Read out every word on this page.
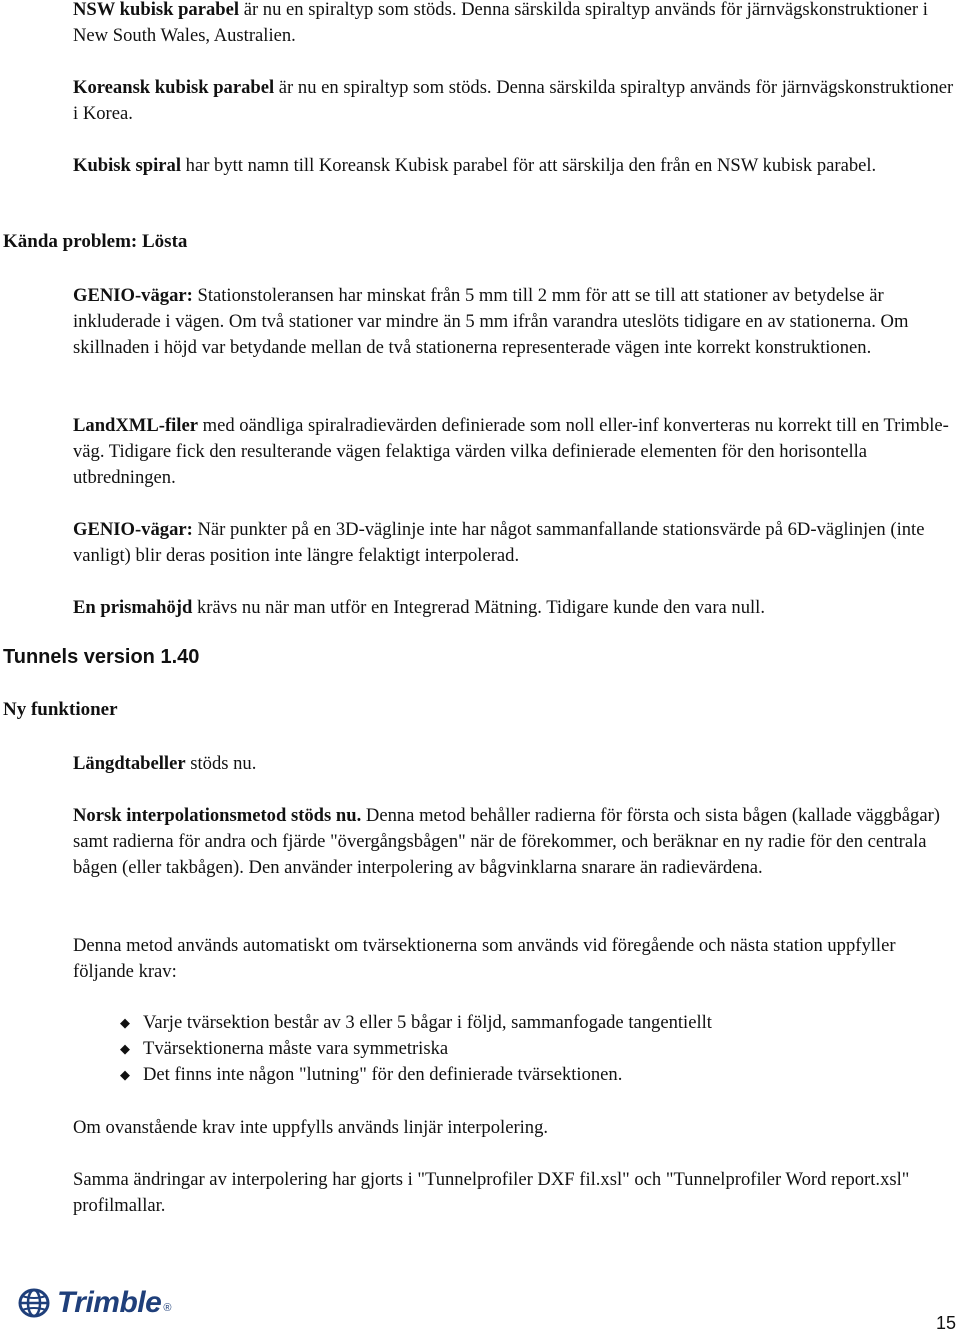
NSW kubisk parabel är nu en spiraltyp som stöds. Denna särskilda spiraltyp används för järnvägskonstruktioner i New South Wales, Australien.

Koreansk kubisk parabel är nu en spiraltyp som stöds. Denna särskilda spiraltyp används för järnvägskonstruktioner i Korea.

Kubisk spiral har bytt namn till Koreansk Kubisk parabel för att särskilja den från en NSW kubisk parabel.

Kända problem: Lösta

GENIO-vägar: Stationstoleransen har minskat från 5 mm till 2 mm för att se till att stationer av betydelse är inkluderade i vägen. Om två stationer var mindre än 5 mm ifrån varandra uteslöts tidigare en av stationerna. Om skillnaden i höjd var betydande mellan de två stationerna representerade vägen inte korrekt konstruktionen.

LandXML-filer med oändliga spiralradievärden definierade som noll eller-inf konverteras nu korrekt till en Trimble-väg. Tidigare fick den resulterande vägen felaktiga värden vilka definierade elementen för den horisontella utbredningen.

GENIO-vägar: När punkter på en 3D-väglinje inte har något sammanfallande stationsvärde på 6D-väglinjen (inte vanligt) blir deras position inte längre felaktigt interpolerad.

En prismahöjd krävs nu när man utför en Integrerad Mätning. Tidigare kunde den vara null.

Tunnels version 1.40
Ny funktioner

Längdtabeller stöds nu.

Norsk interpolationsmetod stöds nu. Denna metod behåller radierna för första och sista bågen (kallade väggbågar) samt radierna för andra och fjärde "övergångsbågen" när de förekommer, och beräknar en ny radie för den centrala bågen (eller takbågen). Den använder interpolering av bågvinklarna snarare än radievärdena.

Denna metod används automatiskt om tvärsektionerna som används vid föregående och nästa station uppfyller följande krav:

◆ Varje tvärsektion består av 3 eller 5 bågar i följd, sammanfogade tangentiellt
◆ Tvärsektionerna måste vara symmetriska
◆ Det finns inte någon "lutning" för den definierade tvärsektionen.

Om ovanstående krav inte uppfylls används linjär interpolering.

Samma ändringar av interpolering har gjorts i "Tunnelprofiler DXF fil.xsl" och "Tunnelprofiler Word report.xsl" profilmallar.

Trimble ®
15
